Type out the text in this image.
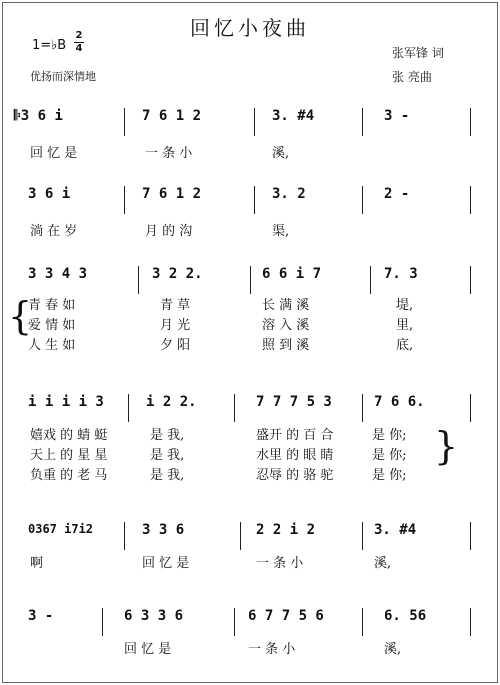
回忆小夜曲
1=♭B
2
4	张军锋 词
张 亮曲
优扬而深情地
𝄆3 6 i	7 6 1 2	3. #4	3 -
回 忆 是	一 条 小	溪,
3 6 i	7 6 1 2	3. 2	2 -
淌 在 岁	月 的 沟	渠,
3 3 4 3	3 2 2.	6 6 i 7	7. 3
{
青 春 如	青 草	长 满 溪	堤,
爱 情 如	月 光	溶 入 溪	里,
人 生 如	夕 阳	照 到 溪	底,
i i i i 3	i 2 2.	7 7 7 5 3	7 6 6.
嬉戏 的 蜻 蜓	是 我,	盛开 的 百 合	是 你;
天上 的 星 星	是 我,	水里 的 眼 睛	是 你;
负重 的 老 马	是 我,	忍辱 的 骆 驼	是 你;
}
0367 i7i2	3 3 6	2 2 i 2	3. #4
啊	回 忆 是	一 条 小	溪,
3 -	6 3 3 6	6 7 7 5 6	6. 56
回 忆 是	一 条 小	溪,
